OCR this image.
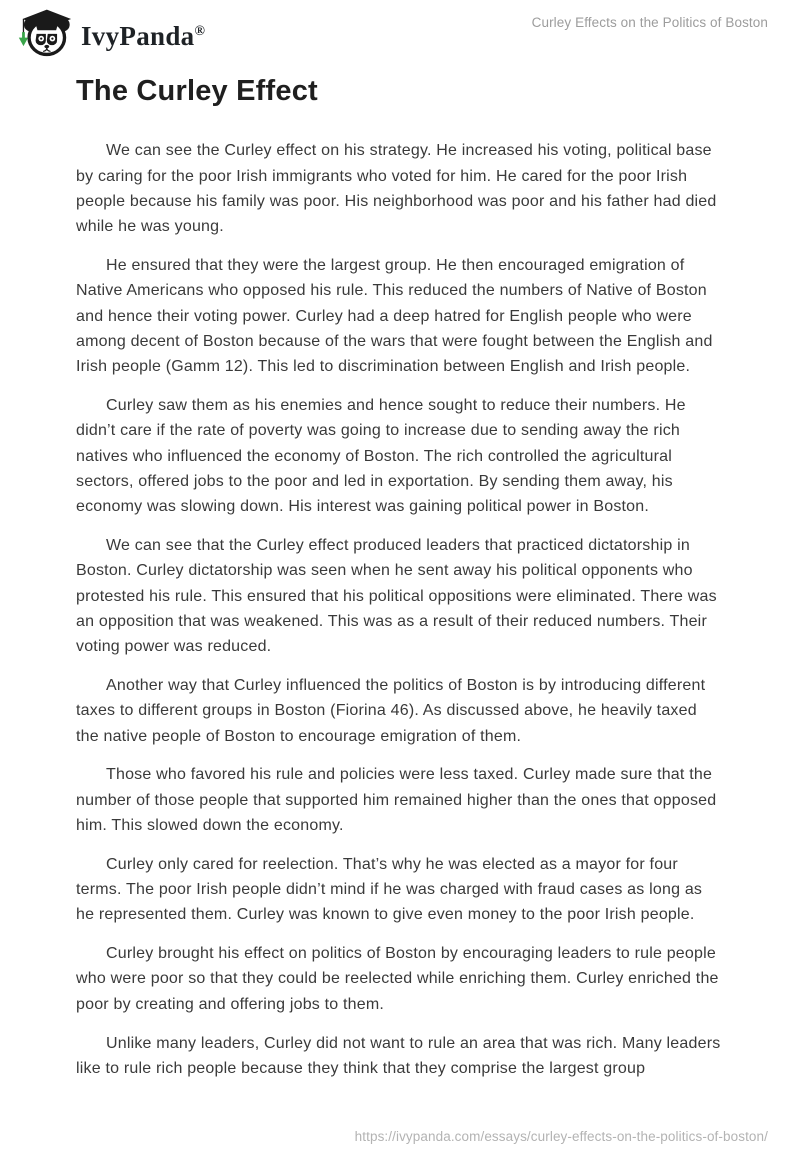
IvyPanda®
Curley Effects on the Politics of Boston
The Curley Effect

We can see the Curley effect on his strategy. He increased his voting, political base by caring for the poor Irish immigrants who voted for him. He cared for the poor Irish people because his family was poor. His neighborhood was poor and his father had died while he was young.

He ensured that they were the largest group. He then encouraged emigration of Native Americans who opposed his rule. This reduced the numbers of Native of Boston and hence their voting power. Curley had a deep hatred for English people who were among decent of Boston because of the wars that were fought between the English and Irish people (Gamm 12). This led to discrimination between English and Irish people.

Curley saw them as his enemies and hence sought to reduce their numbers. He didn’t care if the rate of poverty was going to increase due to sending away the rich natives who influenced the economy of Boston. The rich controlled the agricultural sectors, offered jobs to the poor and led in exportation. By sending them away, his economy was slowing down. His interest was gaining political power in Boston.

We can see that the Curley effect produced leaders that practiced dictatorship in Boston. Curley dictatorship was seen when he sent away his political opponents who protested his rule. This ensured that his political oppositions were eliminated. There was an opposition that was weakened. This was as a result of their reduced numbers. Their voting power was reduced.

Another way that Curley influenced the politics of Boston is by introducing different taxes to different groups in Boston (Fiorina 46). As discussed above, he heavily taxed the native people of Boston to encourage emigration of them.

Those who favored his rule and policies were less taxed. Curley made sure that the number of those people that supported him remained higher than the ones that opposed him. This slowed down the economy.

Curley only cared for reelection. That’s why he was elected as a mayor for four terms. The poor Irish people didn’t mind if he was charged with fraud cases as long as he represented them. Curley was known to give even money to the poor Irish people.

Curley brought his effect on politics of Boston by encouraging leaders to rule people who were poor so that they could be reelected while enriching them. Curley enriched the poor by creating and offering jobs to them.

Unlike many leaders, Curley did not want to rule an area that was rich. Many leaders like to rule rich people because they think that they comprise the largest group

https://ivypanda.com/essays/curley-effects-on-the-politics-of-boston/
